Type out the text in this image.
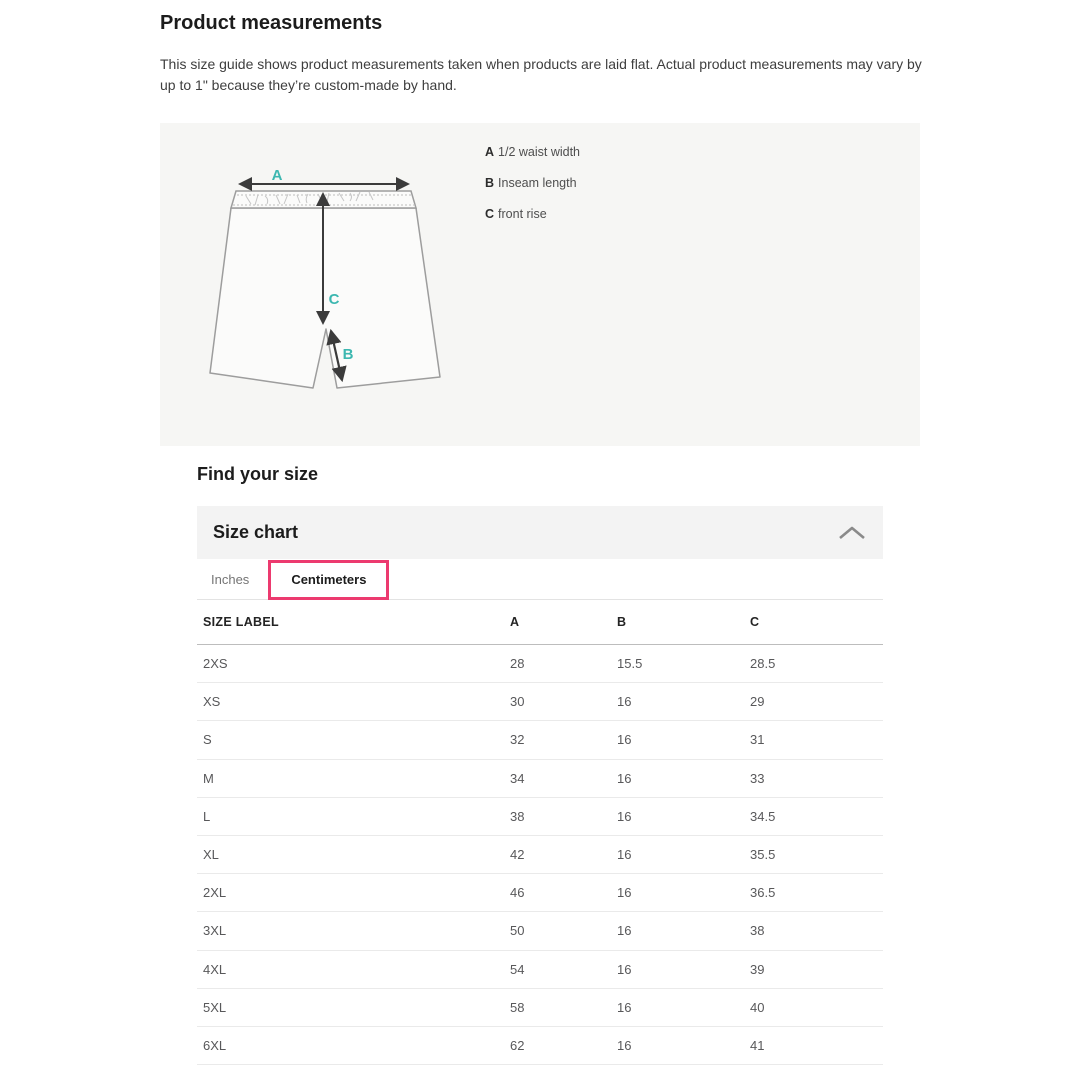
Product measurements

This size guide shows product measurements taken when products are laid flat. Actual product measurements may vary by up to 1" because they’re custom-made by hand.

A
C
B
A 1/2 waist width
B Inseam length
C front rise
Find your size
Size chart
Inches	Centimeters
SIZE LABEL	A	B	C
2XS	28	15.5	28.5
XS	30	16	29
S	32	16	31
M	34	16	33
L	38	16	34.5
XL	42	16	35.5
2XL	46	16	36.5
3XL	50	16	38
4XL	54	16	39
5XL	58	16	40
6XL	62	16	41
